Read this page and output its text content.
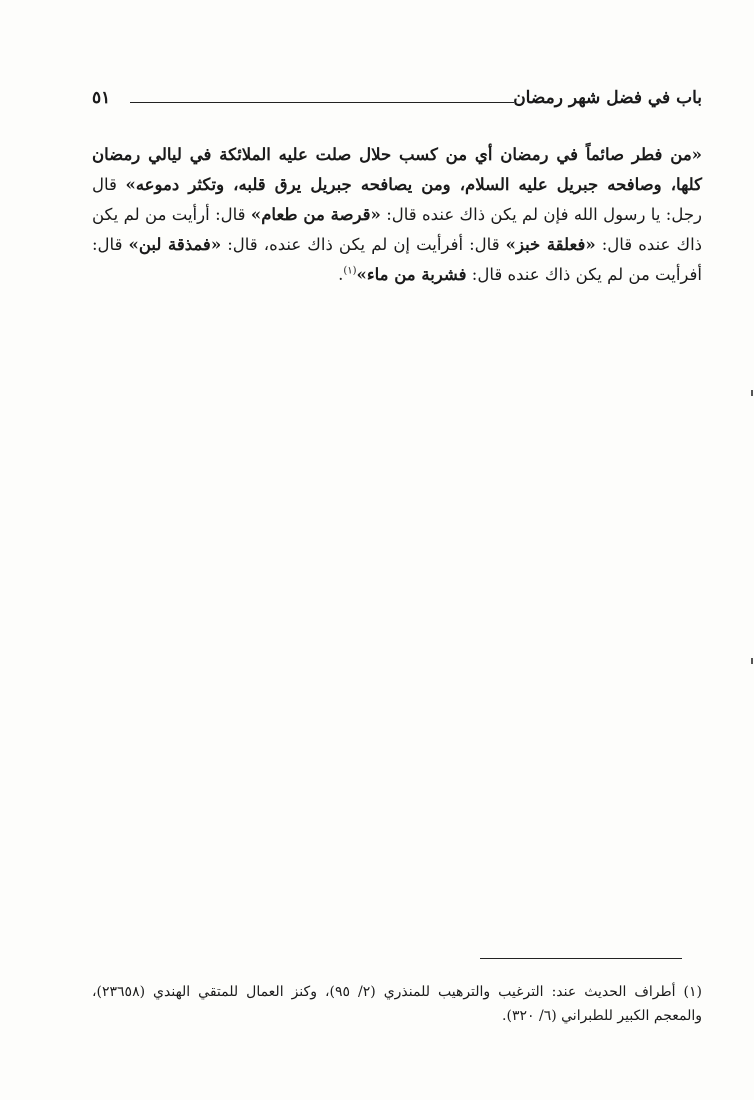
باب في فضل شهر رمضان
٥١
«من فطر صائماً في رمضان أي من كسب حلال صلت عليه الملائكة في ليالي رمضان كلها، وصافحه جبريل عليه السلام، ومن يصافحه جبريل يرق قلبه، وتكثر دموعه» قال رجل: يا رسول الله فإن لم يكن ذاك عنده قال: «قرصة من طعام» قال: أرأيت من لم يكن ذاك عنده قال: «فعلقة خبز» قال: أفرأيت إن لم يكن ذاك عنده، قال: «فمذقة لبن» قال: أفرأيت من لم يكن ذاك عنده قال: فشربة من ماء»$^{(١)}$.
(١) أطراف الحديث عند: الترغيب والترهيب للمنذري (٢/ ٩٥)، وكنز العمال للمتقي الهندي (٢٣٦٥٨)، والمعجم الكبير للطبراني (٦/ ٣٢٠).
